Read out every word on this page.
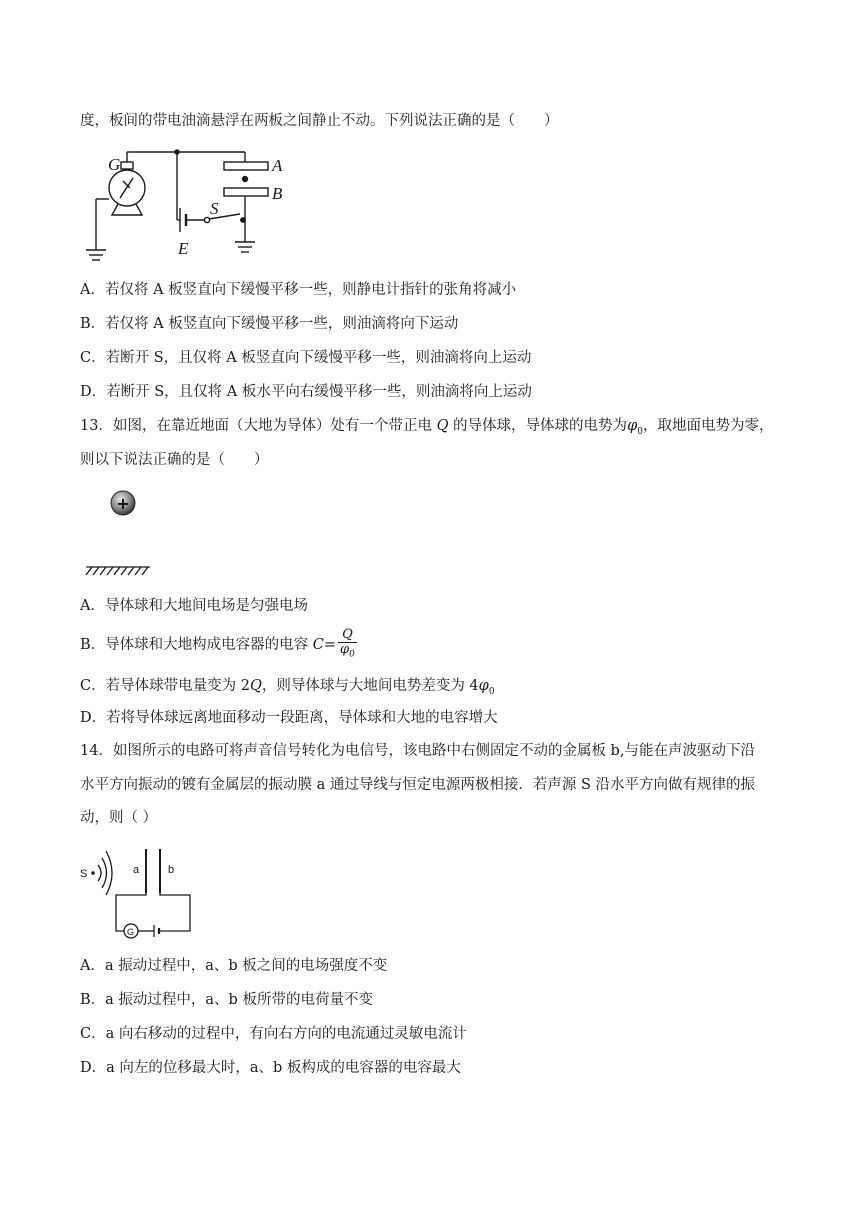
度，板间的带电油滴悬浮在两板之间静止不动。下列说法正确的是（　　）
G	A
B
S
E
A．若仅将 A 板竖直向下缓慢平移一些，则静电计指针的张角将减小
B．若仅将 A 板竖直向下缓慢平移一些，则油滴将向下运动
C．若断开 S，且仅将 A 板竖直向下缓慢平移一些，则油滴将向上运动
D．若断开 S，且仅将 A 板水平向右缓慢平移一些，则油滴将向上运动
13．如图，在靠近地面（大地为导体）处有一个带正电 Q 的导体球，导体球的电势为$\varphi_0$，取地面电势为零，
则以下说法正确的是（　　）
+
A．导体球和大地间电场是匀强电场
B．导体球和大地构成电容器的电容 $C= \frac{Q}{\varphi_0}$
C．若导体球带电量变为 2Q，则导体球与大地间电势差变为 $4\varphi_0$
D．若将导体球远离地面移动一段距离，导体球和大地的电容增大
14．如图所示的电路可将声音信号转化为电信号，该电路中右侧固定不动的金属板 b,与能在声波驱动下沿
水平方向振动的镀有金属层的振动膜 a 通过导线与恒定电源两极相接．若声源 S 沿水平方向做有规律的振
动，则（ ）
S	a	b
G
A．a 振动过程中，a、b 板之间的电场强度不变
B．a 振动过程中，a、b 板所带的电荷量不变
C．a 向右移动的过程中，有向右方向的电流通过灵敏电流计
D．a 向左的位移最大时，a、b 板构成的电容器的电容最大
